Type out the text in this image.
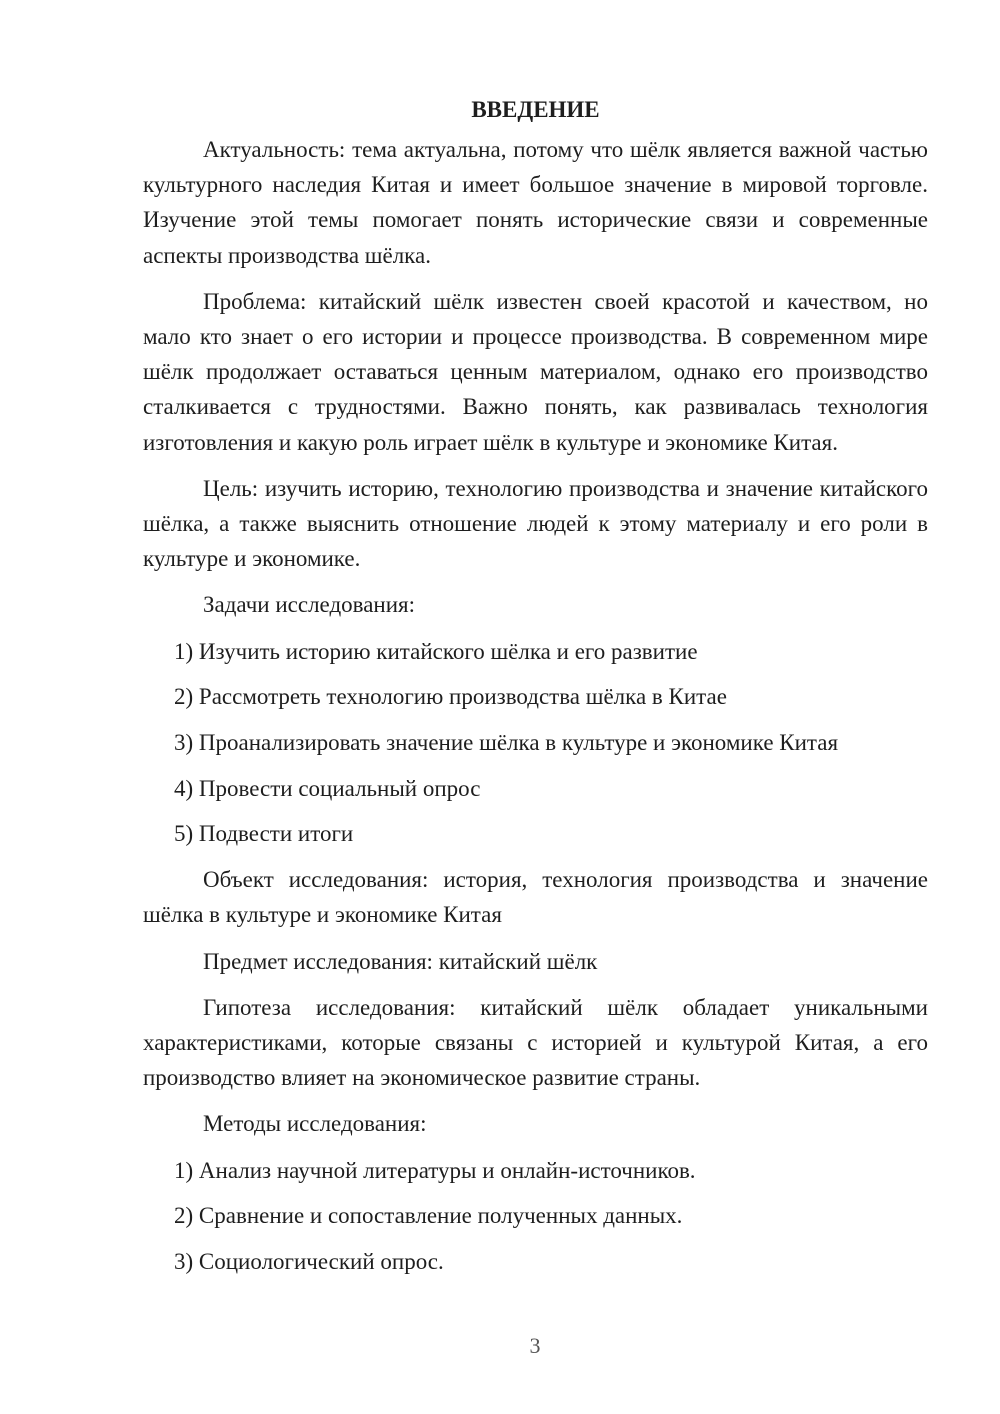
ВВЕДЕНИЕ

Актуальность: тема актуальна, потому что шёлк является важной частью культурного наследия Китая и имеет большое значение в мировой торговле. Изучение этой темы помогает понять исторические связи и современные аспекты производства шёлка.

Проблема: китайский шёлк известен своей красотой и качеством, но мало кто знает о его истории и процессе производства. В современном мире шёлк продолжает оставаться ценным материалом, однако его производство сталкивается с трудностями. Важно понять, как развивалась технология изготовления и какую роль играет шёлк в культуре и экономике Китая.

Цель: изучить историю, технологию производства и значение китайского шёлка, а также выяснить отношение людей к этому материалу и его роли в культуре и экономике.

Задачи исследования:

1) Изучить историю китайского шёлка и его развитие
2) Рассмотреть технологию производства шёлка в Китае
3) Проанализировать значение шёлка в культуре и экономике Китая
4) Провести социальный опрос
5) Подвести итоги

Объект исследования: история, технология производства и значение шёлка в культуре и экономике Китая

Предмет исследования: китайский шёлк

Гипотеза исследования: китайский шёлк обладает уникальными характеристиками, которые связаны с историей и культурой Китая, а его производство влияет на экономическое развитие страны.

Методы исследования:

1) Анализ научной литературы и онлайн-источников.
2) Сравнение и сопоставление полученных данных.
3) Социологический опрос.
3
